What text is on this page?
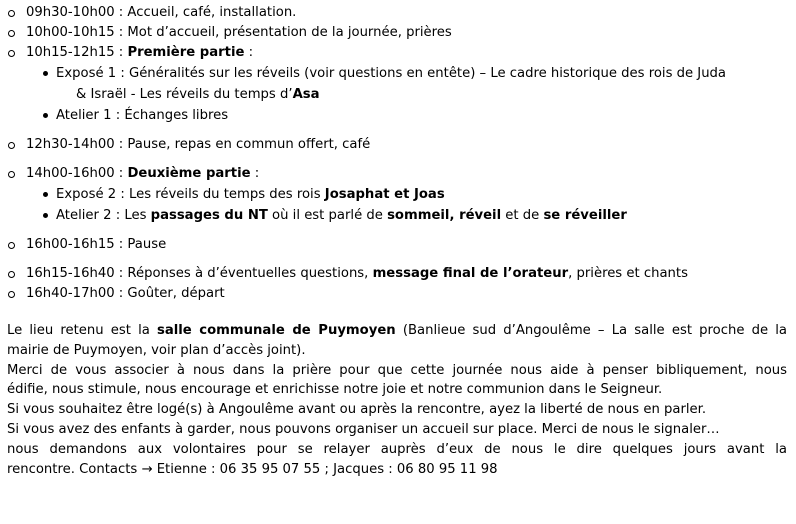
09h30-10h00 : Accueil, café, installation.
10h00-10h15 : Mot d’accueil, présentation de la journée, prières
10h15-12h15 : Première partie :
Exposé 1 : Généralités sur les réveils (voir questions en entête) – Le cadre historique des rois de Juda
& Israël - Les réveils du temps d’Asa
Atelier 1 : Échanges libres
12h30-14h00 : Pause, repas en commun offert, café
14h00-16h00 : Deuxième partie :
Exposé 2 : Les réveils du temps des rois Josaphat et Joas
Atelier 2 : Les passages du NT où il est parlé de sommeil, réveil et de se réveiller
16h00-16h15 : Pause
16h15-16h40 : Réponses à d’éventuelles questions, message final de l’orateur, prières et chants
16h40-17h00 : Goûter, départ

Le lieu retenu est la salle communale de Puymoyen (Banlieue sud d’Angoulême – La salle est proche de la

mairie de Puymoyen, voir plan d’accès joint).

Merci de vous associer à nous dans la prière pour que cette journée nous aide à penser bibliquement, nous

édifie, nous stimule, nous encourage et enrichisse notre joie et notre communion dans le Seigneur.

Si vous souhaitez être logé(s) à Angoulême avant ou après la rencontre, ayez la liberté de nous en parler.

Si vous avez des enfants à garder, nous pouvons organiser un accueil sur place. Merci de nous le signaler…

nous demandons aux volontaires pour se relayer auprès d’eux de nous le dire quelques jours avant la

rencontre. Contacts → Etienne : 06 35 95 07 55 ; Jacques : 06 80 95 11 98
